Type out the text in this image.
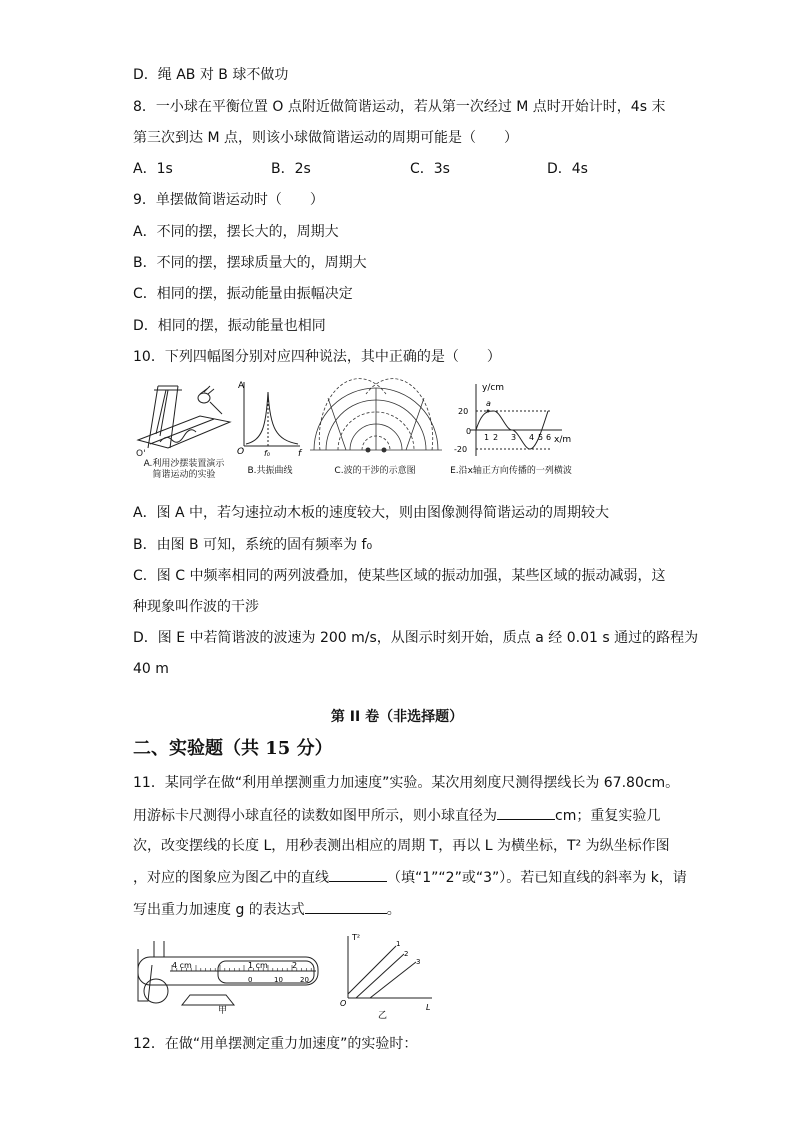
D．绳 AB 对 B 球不做功
8．一小球在平衡位置 O 点附近做简谐运动，若从第一次经过 M 点时开始计时，4s 末
第三次到达 M 点，则该小球做简谐运动的周期可能是（　　）
A．1s	B．2s	C．3s	D．4s
9．单摆做简谐运动时（　　）
A．不同的摆，摆长大的，周期大
B．不同的摆，摆球质量大的，周期大
C．相同的摆，振动能量由振幅决定
D．相同的摆，振动能量也相同
10．下列四幅图分别对应四种说法，其中正确的是（　　）
O'
A.利用沙摆装置演示
简谐运动的实验
A
f
O f₀
B.共振曲线	C.波的干涉的示意图
y/cm
x/m
a
0
20
-20
1 2 3 4 5 6
E.沿x轴正方向传播的一列横波
A．图 A 中，若匀速拉动木板的速度较大，则由图像测得简谐运动的周期较大
B．由图 B 可知，系统的固有频率为 f₀
C．图 C 中频率相同的两列波叠加，使某些区域的振动加强，某些区域的振动减弱，这
种现象叫作波的干涉
D．图 E 中若简谐波的波速为 200 m/s，从图示时刻开始，质点 a 经 0.01 s 通过的路程为
40 m
第 II 卷（非选择题）
二、实验题（共 15 分）
11．某同学在做“利用单摆测重力加速度”实验。某次用刻度尺测得摆线长为 67.80cm。
用游标卡尺测得小球直径的读数如图甲所示，则小球直径为	cm；重复实验几
次，改变摆线的长度 L，用秒表测出相应的周期 T，再以 L 为横坐标，T² 为纵坐标作图
，对应的图象应为图乙中的直线	（填“1”“2”或“3”）。若已知直线的斜率为 k，请
写出重力加速度 g 的表达式	。
4 cm	1 cm	2
0	10 20
甲
T²
L
O
1
2
3
乙
12．在做“用单摆测定重力加速度”的实验时：
